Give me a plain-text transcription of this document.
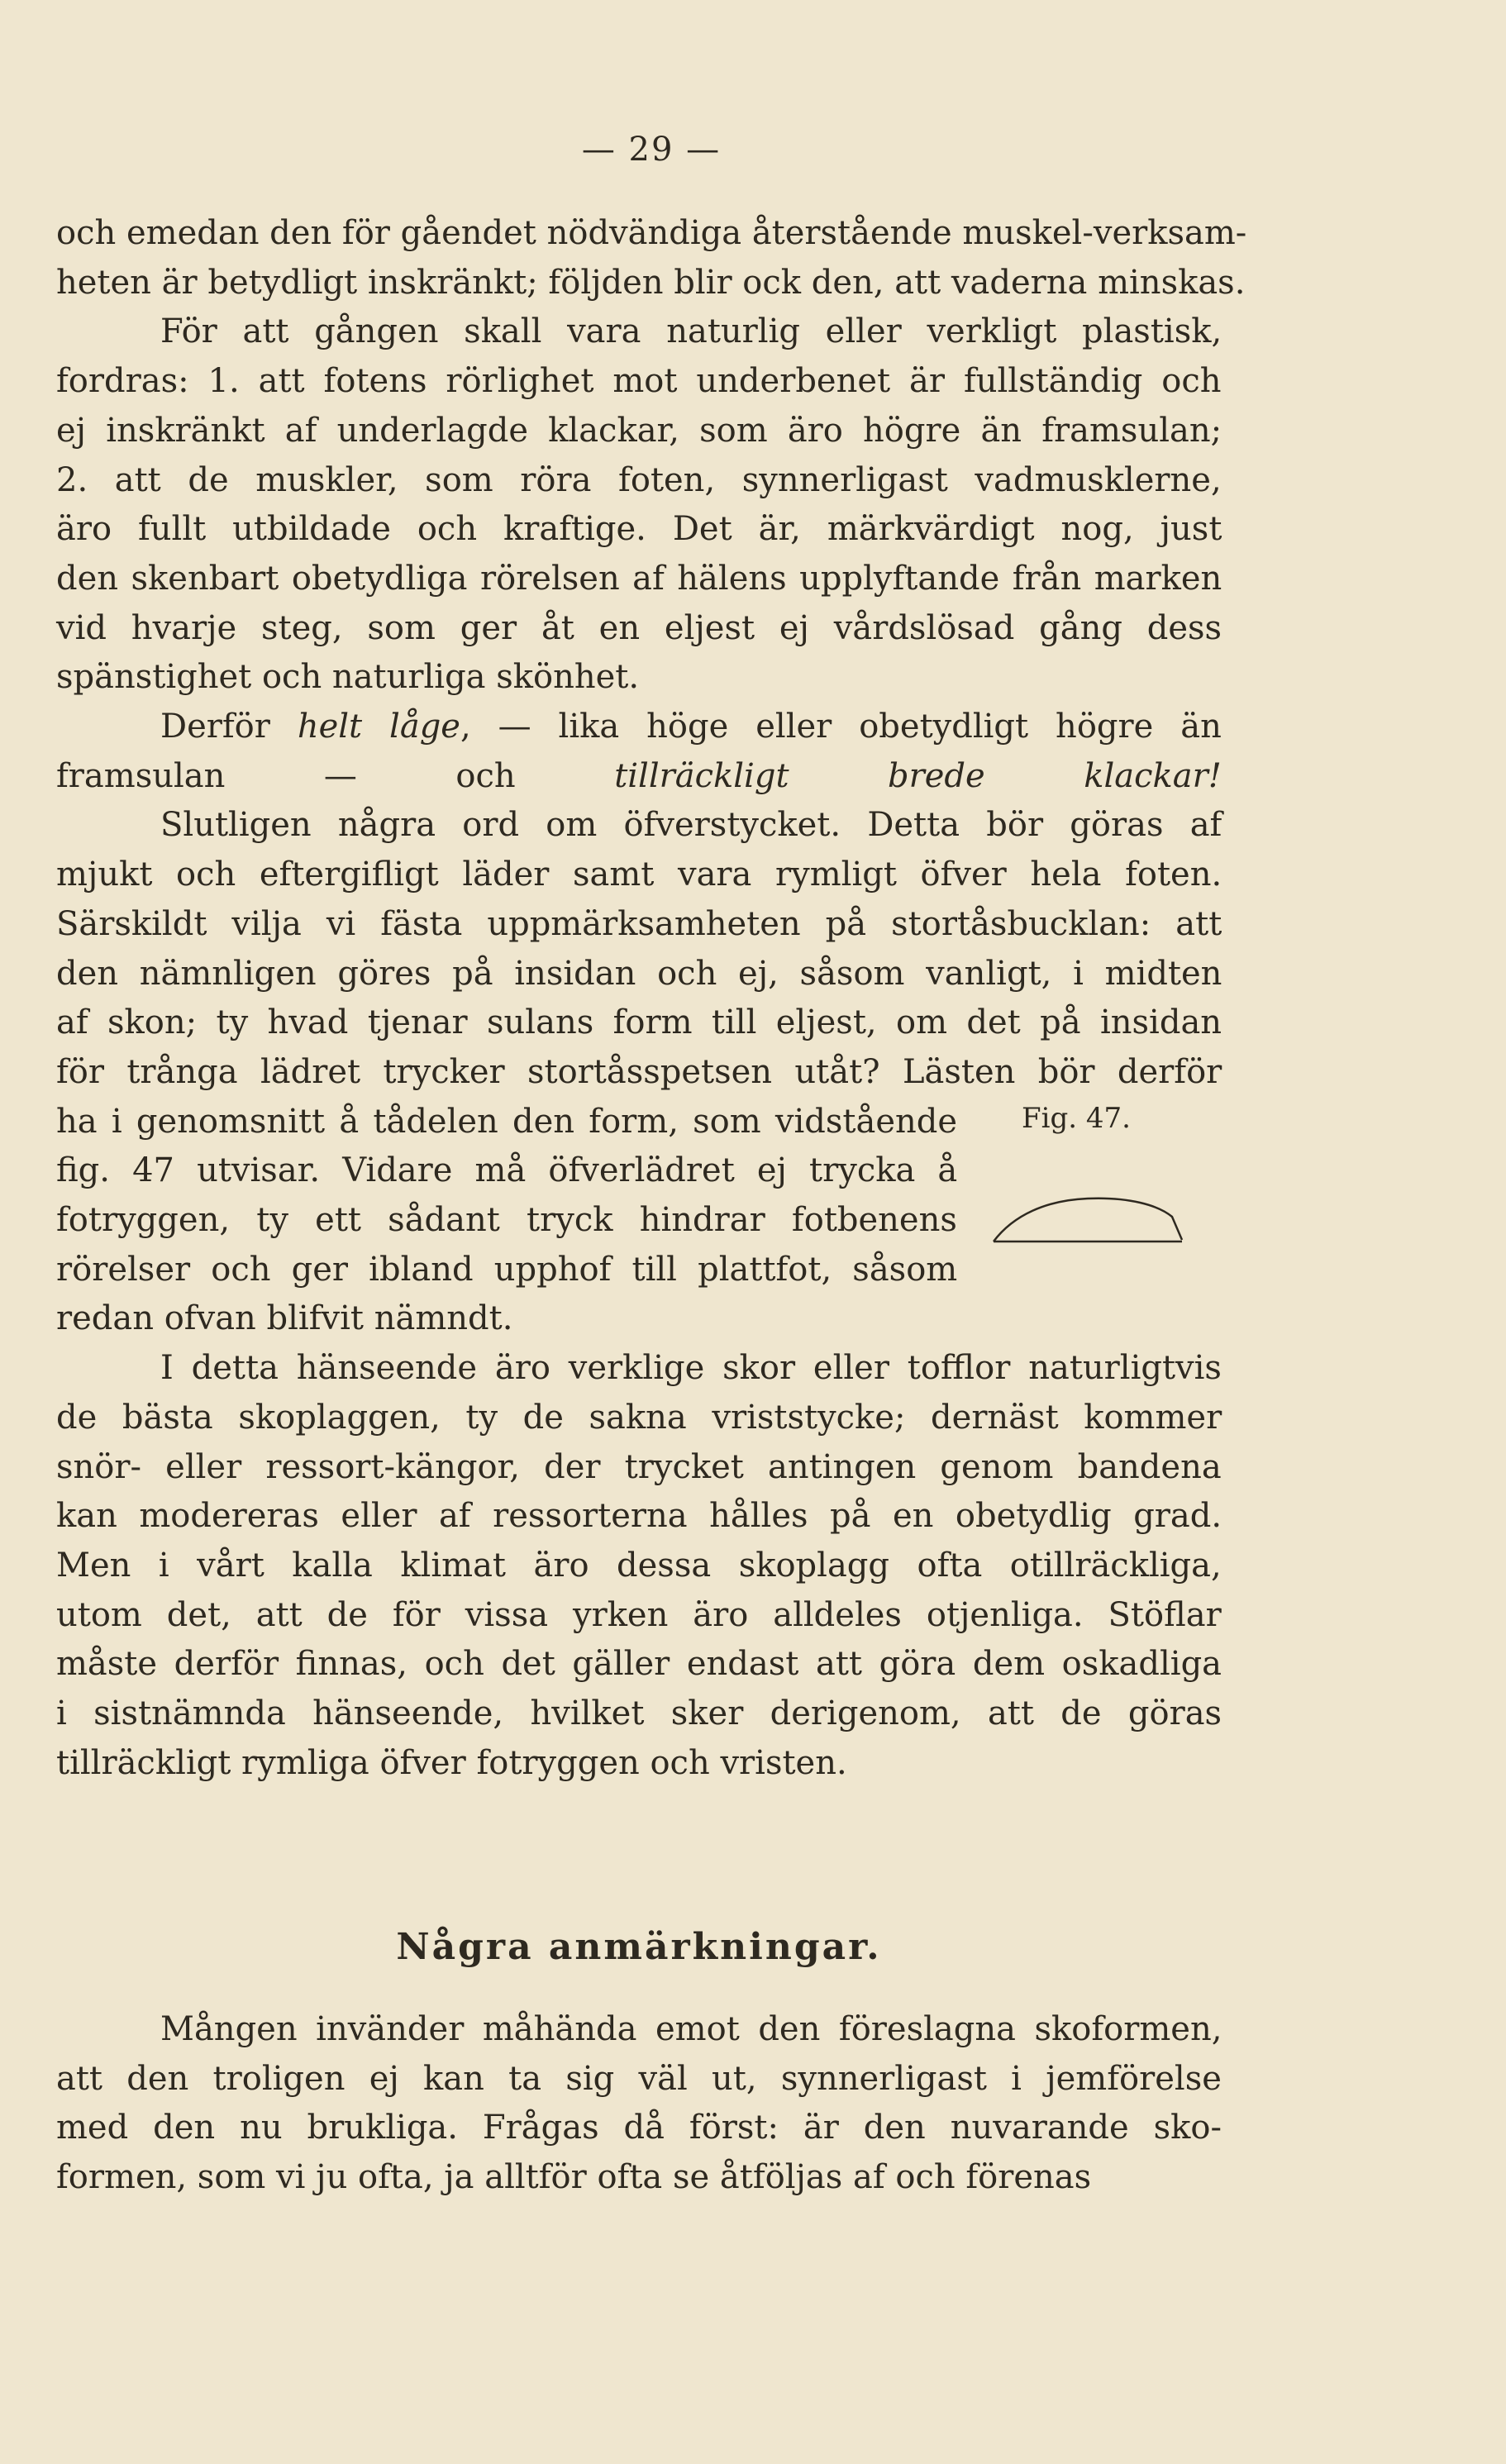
— 29 —
och emedan den för gåendet nödvändiga återstående muskel-verksam-
heten är betydligt inskränkt; följden blir ock den, att vaderna minskas.
För att gången skall vara naturlig eller verkligt plastisk,
fordras: 1. att fotens rörlighet mot underbenet är fullständig och
ej inskränkt af underlagde klackar, som äro högre än framsulan;
2. att de muskler, som röra foten, synnerligast vadmusklerne,
äro fullt utbildade och kraftige. Det är, märkvärdigt nog, just
den skenbart obetydliga rörelsen af hälens upplyftande från marken
vid hvarje steg, som ger åt en eljest ej vårdslösad gång dess
spänstighet och naturliga skönhet.
Derför helt låge, — lika höge eller obetydligt högre än
framsulan — och tillräckligt brede klackar!
Slutligen några ord om öfverstycket. Detta bör göras af
mjukt och eftergifligt läder samt vara rymligt öfver hela foten.
Särskildt vilja vi fästa uppmärksamheten på stortåsbucklan: att
den nämnligen göres på insidan och ej, såsom vanligt, i midten
af skon; ty hvad tjenar sulans form till eljest, om det på insidan
för trånga lädret trycker stortåsspetsen utåt? Lästen bör derför
ha i genomsnitt å tådelen den form, som vidstående
fig. 47 utvisar. Vidare må öfverlädret ej trycka å
fotryggen, ty ett sådant tryck hindrar fotbenens
rörelser och ger ibland upphof till plattfot, såsom
redan ofvan blifvit nämndt.
I detta hänseende äro verklige skor eller tofflor naturligtvis
de bästa skoplaggen, ty de sakna vriststycke; dernäst kommer
snör- eller ressort-kängor, der trycket antingen genom bandena
kan modereras eller af ressorterna hålles på en obetydlig grad.
Men i vårt kalla klimat äro dessa skoplagg ofta otillräckliga,
utom det, att de för vissa yrken äro alldeles otjenliga. Stöflar
måste derför finnas, och det gäller endast att göra dem oskadliga
i sistnämnda hänseende, hvilket sker derigenom, att de göras
tillräckligt rymliga öfver fotryggen och vristen.
Fig. 47.
Några anmärkningar.
Mången invänder måhända emot den föreslagna skoformen,
att den troligen ej kan ta sig väl ut, synnerligast i jemförelse
med den nu brukliga. Frågas då först: är den nuvarande sko-
formen, som vi ju ofta, ja alltför ofta se åtföljas af och förenas
